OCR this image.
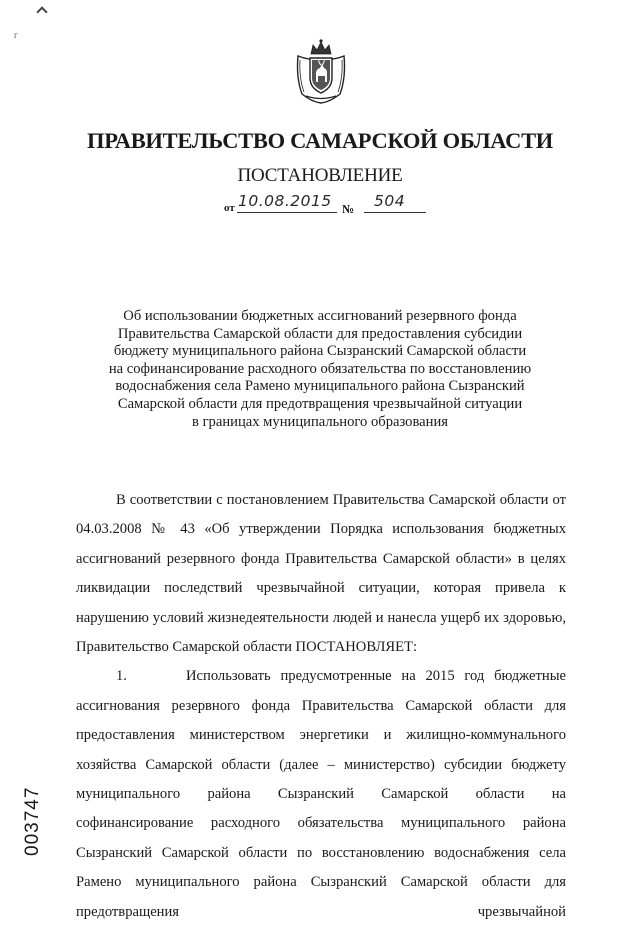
г
ПРАВИТЕЛЬСТВО САМАРСКОЙ ОБЛАСТИ
ПОСТАНОВЛЕНИЕ
от 10.08.2015 № 504
Об использовании бюджетных ассигнований резервного фонда
Правительства Самарской области для предоставления субсидии
бюджету муниципального района Сызранский Самарской области
на софинансирование расходного обязательства по восстановлению
водоснабжения села Рамено муниципального района Сызранский
Самарской области для предотвращения чрезвычайной ситуации
в границах муниципального образования

В соответствии с постановлением Правительства Самарской области от 04.03.2008 № 43 «Об утверждении Порядка использования бюджетных ассигнований резервного фонда Правительства Самарской области» в целях ликвидации последствий чрезвычайной ситуации, которая привела к нарушению условий жизнедеятельности людей и нанесла ущерб их здоровью, Правительство Самарской области ПОСТАНОВЛЯЕТ:

1.	Использовать предусмотренные на 2015 год бюджетные ассигнования резервного фонда Правительства Самарской области для предоставления министерством энергетики и жилищно-коммунального хозяйства Самарской области (далее – министерство) субсидии бюджету муниципального района Сызранский Самарской области на софинансирование расходного обязательства муниципального района Сызранский Самарской области по восстановлению водоснабжения села Рамено муниципального района Сызранский Самарской области для предотвращения чрезвычайной

003747
